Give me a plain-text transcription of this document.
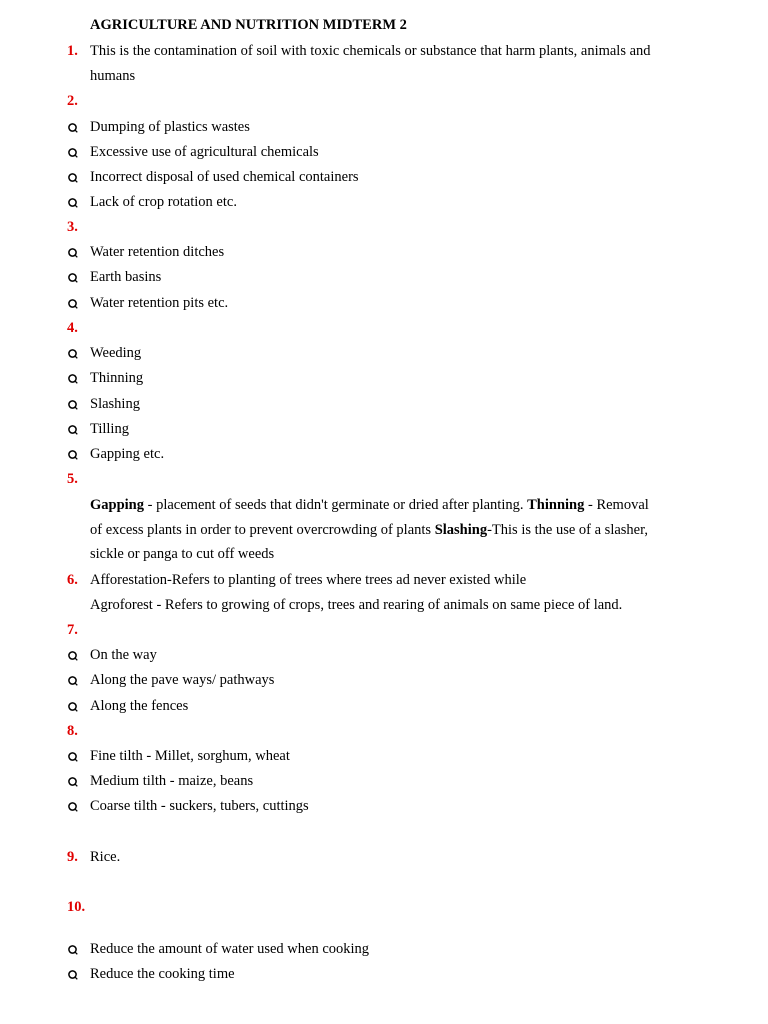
AGRICULTURE AND NUTRITION MIDTERM 2
1. This is the contamination of soil with toxic chemicals or substance that harm plants, animals and
humans
2.
Dumping of plastics wastes
Excessive use of agricultural chemicals
Incorrect disposal of used chemical containers
Lack of crop rotation etc.
3.
Water retention ditches
Earth basins
Water retention pits etc.
4.
Weeding
Thinning
Slashing
Tilling
Gapping etc.
5.
Gapping - placement of seeds that didn't germinate or dried after planting. Thinning - Removal
of excess plants in order to prevent overcrowding of plants Slashing-This is the use of a slasher,
sickle or panga to cut off weeds
6. Afforestation-Refers to planting of trees where trees ad never existed while
Agroforest - Refers to growing of crops, trees and rearing of animals on same piece of land.
7.
On the way
Along the pave ways/ pathways
Along the fences
8.
Fine tilth - Millet, sorghum, wheat
Medium tilth - maize, beans
Coarse tilth - suckers, tubers, cuttings
9. Rice.
10.
Reduce the amount of water used when cooking
Reduce the cooking time
